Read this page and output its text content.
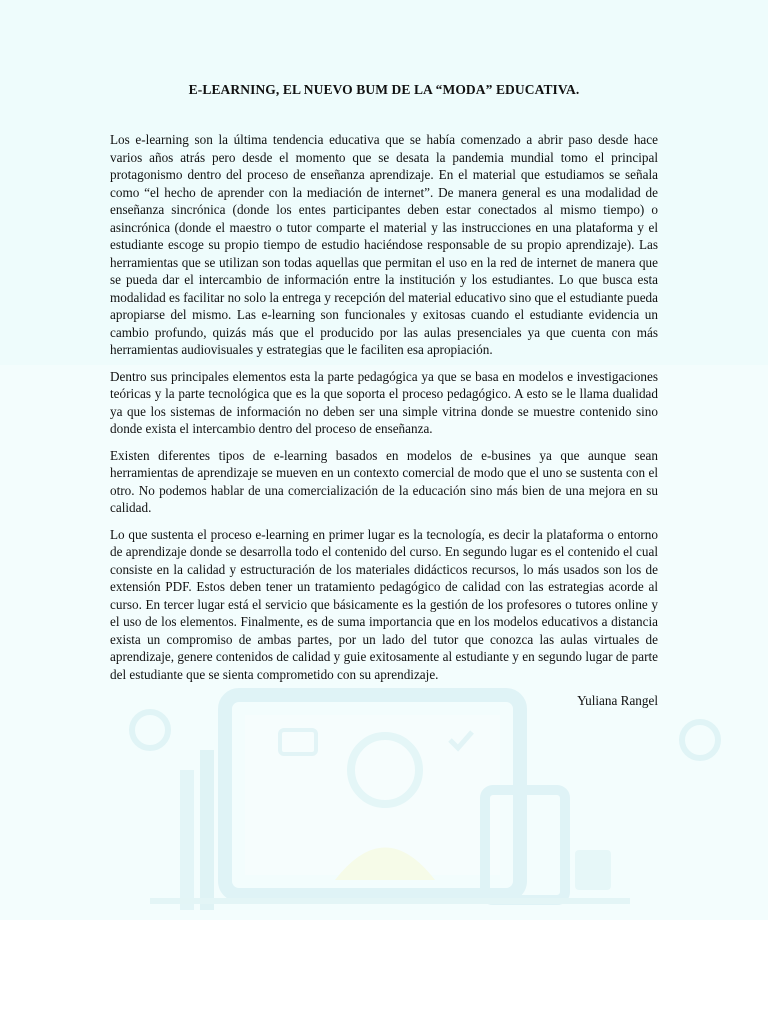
E-LEARNING, EL NUEVO BUM DE LA “MODA” EDUCATIVA.

Los e-learning son la última tendencia educativa que se había comenzado a abrir paso desde hace varios años atrás pero desde el momento que se desata la pandemia mundial tomo el principal protagonismo dentro del proceso de enseñanza aprendizaje. En el material que estudiamos se señala como “el hecho de aprender con la mediación de internet”. De manera general es una modalidad de enseñanza sincrónica (donde los entes participantes deben estar conectados al mismo tiempo) o asincrónica (donde el maestro o tutor comparte el material y las instrucciones en una plataforma y el estudiante escoge su propio tiempo de estudio haciéndose responsable de su propio aprendizaje). Las herramientas que se utilizan son todas aquellas que permitan el uso en la red de internet de manera que se pueda dar el intercambio de información entre la institución y los estudiantes. Lo que busca esta modalidad es facilitar no solo la entrega y recepción del material educativo sino que el estudiante pueda apropiarse del mismo. Las e-learning son funcionales y exitosas cuando el estudiante evidencia un cambio profundo, quizás más que el producido por las aulas presenciales ya que cuenta con más herramientas audiovisuales y estrategias que le faciliten esa apropiación.

Dentro sus principales elementos esta la parte pedagógica ya que se basa en modelos e investigaciones teóricas y la parte tecnológica que es la que soporta el proceso pedagógico. A esto se le llama dualidad ya que los sistemas de información no deben ser una simple vitrina donde se muestre contenido sino donde exista el intercambio dentro del proceso de enseñanza.

Existen diferentes tipos de e-learning basados en modelos de e-busines ya que aunque sean herramientas de aprendizaje se mueven en un contexto comercial de modo que el uno se sustenta con el otro. No podemos hablar de una comercialización de la educación sino más bien de una mejora en su calidad.

Lo que sustenta el proceso e-learning en primer lugar es la tecnología, es decir la plataforma o entorno de aprendizaje donde se desarrolla todo el contenido del curso. En segundo lugar es el contenido el cual consiste en la calidad y estructuración de los materiales didácticos recursos, lo más usados son los de extensión PDF. Estos deben tener un tratamiento pedagógico de calidad con las estrategias acorde al curso. En tercer lugar está el servicio que básicamente es la gestión de los profesores o tutores online y el uso de los elementos. Finalmente, es de suma importancia que en los modelos educativos a distancia exista un compromiso de ambas partes, por un lado del tutor que conozca las aulas virtuales de aprendizaje, genere contenidos de calidad y guie exitosamente al estudiante y en segundo lugar de parte del estudiante que se sienta comprometido con su aprendizaje.

Yuliana Rangel
